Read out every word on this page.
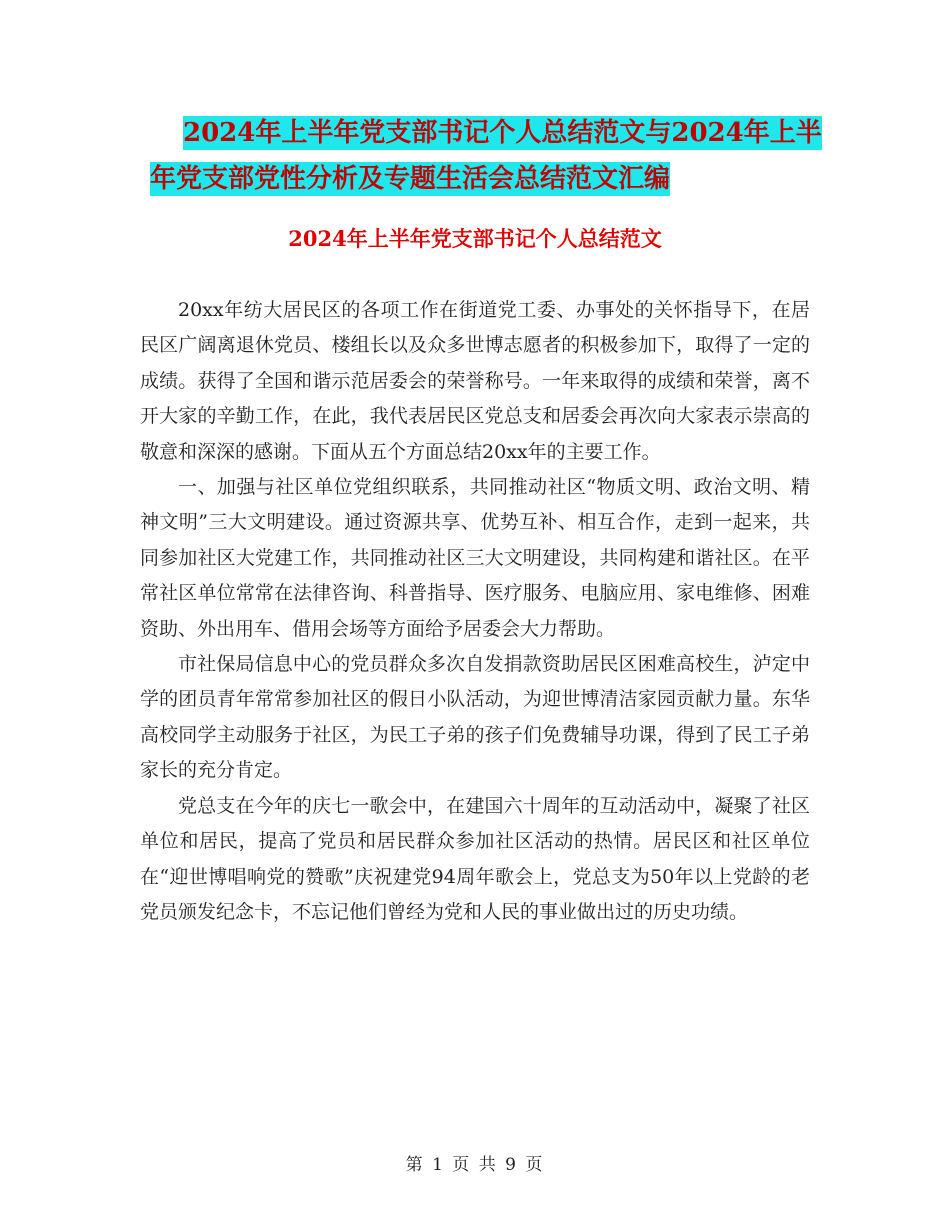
2024年上半年党支部书记个人总结范文与2024年上半
年党支部党性分析及专题生活会总结范文汇编
2024年上半年党支部书记个人总结范文

20xx年纺大居民区的各项工作在街道党工委、办事处的关怀指导下，在居民区广阔离退休党员、楼组长以及众多世博志愿者的积极参加下，取得了一定的成绩。获得了全国和谐示范居委会的荣誉称号。一年来取得的成绩和荣誉，离不开大家的辛勤工作，在此，我代表居民区党总支和居委会再次向大家表示崇高的敬意和深深的感谢。下面从五个方面总结20xx年的主要工作。

一、加强与社区单位党组织联系，共同推动社区“物质文明、政治文明、精神文明”三大文明建设。通过资源共享、优势互补、相互合作，走到一起来，共同参加社区大党建工作，共同推动社区三大文明建设，共同构建和谐社区。在平常社区单位常常在法律咨询、科普指导、医疗服务、电脑应用、家电维修、困难资助、外出用车、借用会场等方面给予居委会大力帮助。

市社保局信息中心的党员群众多次自发捐款资助居民区困难高校生，泸定中学的团员青年常常参加社区的假日小队活动，为迎世博清洁家园贡献力量。东华高校同学主动服务于社区，为民工子弟的孩子们免费辅导功课，得到了民工子弟家长的充分肯定。

党总支在今年的庆七一歌会中，在建国六十周年的互动活动中，凝聚了社区单位和居民，提高了党员和居民群众参加社区活动的热情。居民区和社区单位在“迎世博唱响党的赞歌”庆祝建党94周年歌会上，党总支为50年以上党龄的老党员颁发纪念卡，不忘记他们曾经为党和人民的事业做出过的历史功绩。

第 1 页 共 9 页
